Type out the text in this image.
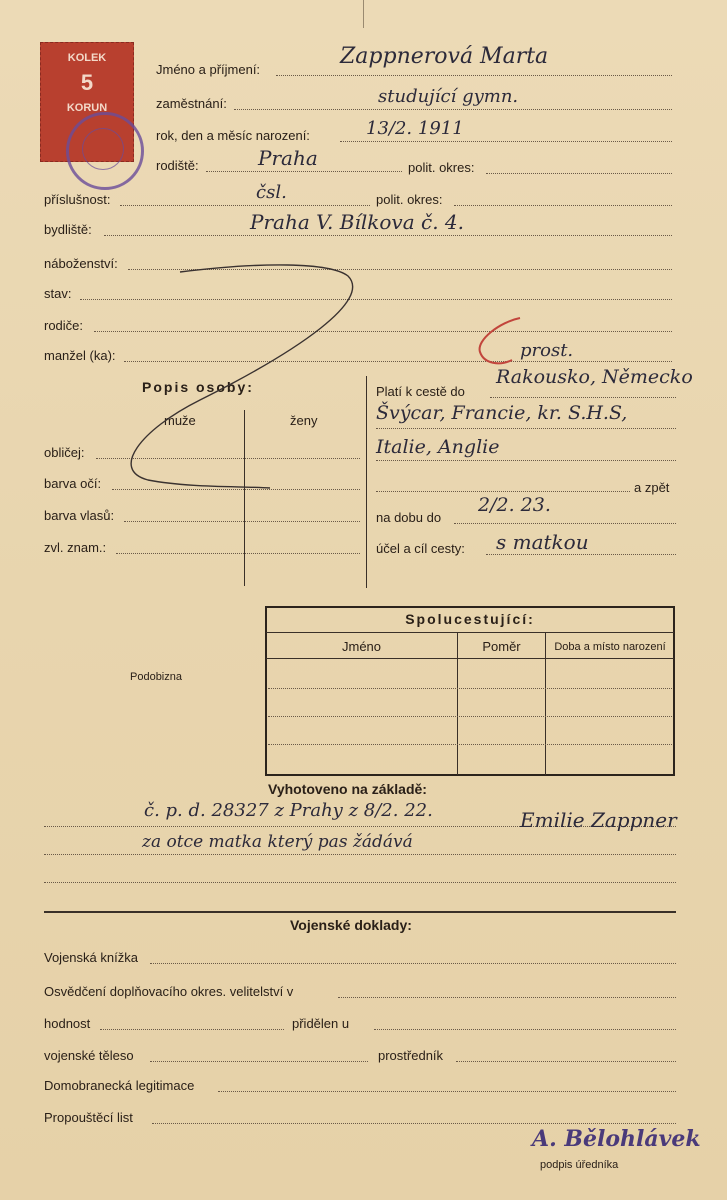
KOLEK
5
KORUN
Jméno a příjmení:
Zappnerová Marta
zaměstnání:	studující gymn.
rok, den a měsíc narození:	13/2. 1911
rodiště:	Praha	polit. okres:
příslušnost:	čsl.	polit. okres:
bydliště:	Praha V. Bílkova č. 4.
náboženství:
stav:
rodiče:
manžel (ka):	prost.
Popis osoby:
muže	ženy
obličej:
barva očí:
barva vlasů:
zvl. znam.:
Platí k cestě do
Rakousko, Německo
Švýcar, Francie, kr. S.H.S,
Italie, Anglie
a zpět
na dobu do
2/2. 23.
účel a cíl cesty: s matkou
Podobizna
Spolucestující:
Jméno	Poměr	Doba a místo narození
Vyhotoveno na základě:
č. p. d. 28327 z Prahy z 8/2. 22.	Emilie Zappner
za otce matka který pas žádává
Vojenské doklady:
Vojenská knížka
Osvědčení doplňovacího okres. velitelství v
hodnost	přidělen u
vojenské těleso	prostředník
Domobranecká legitimace
Propouštěcí list
A. Bělohlávek
podpis úředníka
